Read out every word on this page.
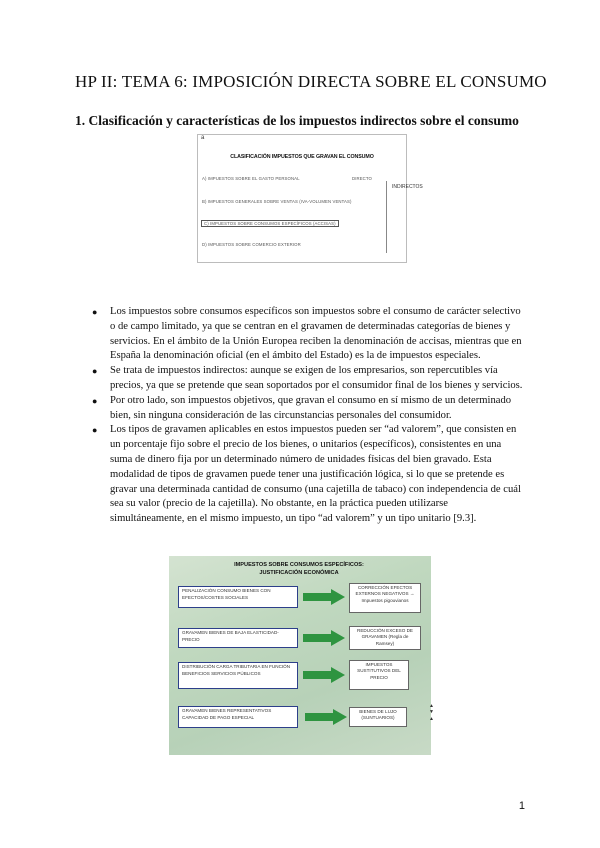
HP II: TEMA 6: IMPOSICIÓN DIRECTA SOBRE EL CONSUMO
1. Clasificación y características de los impuestos indirectos sobre el consumo
a
CLASIFICACIÓN IMPUESTOS QUE GRAVAN EL CONSUMO
A) IMPUESTOS SOBRE EL GASTO PERSONAL	DIRECTO
B) IMPUESTOS GENERALES SOBRE VENTAS (IVA-VOLUMEN VENTAS)
C) IMPUESTOS SOBRE CONSUMOS ESPECÍFICOS (ACCISAS)
D) IMPUESTOS SOBRE COMERCIO EXTERIOR
INDIRECTOS
● Los impuestos sobre consumos específicos son impuestos sobre el consumo de carácter selectivo o de campo limitado, ya que se centran en el gravamen de determinadas categorías de bienes y servicios. En el ámbito de la Unión Europea reciben la denominación de accisas, mientras que en España la denominación oficial (en el ámbito del Estado) es la de impuestos especiales.
● Se trata de impuestos indirectos: aunque se exigen de los empresarios, son repercutibles vía precios, ya que se pretende que sean soportados por el consumidor final de los bienes y servicios.
● Por otro lado, son impuestos objetivos, que gravan el consumo en sí mismo de un determinado bien, sin ninguna consideración de las circunstancias personales del consumidor.
● Los tipos de gravamen aplicables en estos impuestos pueden ser “ad valorem”, que consisten en un porcentaje fijo sobre el precio de los bienes, o unitarios (específicos), consistentes en una suma de dinero fija por un determinado número de unidades físicas del bien gravado. Esta modalidad de tipos de gravamen puede tener una justificación lógica, si lo que se pretende es gravar una determinada cantidad de consumo (una cajetilla de tabaco) con independencia de cuál sea su valor (precio de la cajetilla). No obstante, en la práctica pueden utilizarse simultáneamente, en el mismo impuesto, un tipo “ad valorem” y un tipo unitario [9.3].
IMPUESTOS SOBRE CONSUMOS ESPECÍFICOS: JUSTIFICACIÓN ECONÓMICA
PENALIZACIÓN CONSUMO BIENES CON EFECTOS/COSTES SOCIALES
CORRECCIÓN EFECTOS EXTERNOS NEGATIVOS → Impuestos pigouvianos
GRAVAMEN BIENES DE BAJA ELASTICIDAD-PRECIO
REDUCCIÓN EXCESO DE GRAVAMEN (Regla de Ramsey)
DISTRIBUCIÓN CARGA TRIBUTARIA EN FUNCIÓN BENEFICIOS SERVICIOS PÚBLICOS
IMPUESTOS SUSTITUTIVOS DEL PRECIO
GRAVAMEN BIENES REPRESENTATIVOS CAPACIDAD DE PAGO ESPECIAL
BIENES DE LUJO (SUNTUARIOS)
▲ ▼ ▲
1
